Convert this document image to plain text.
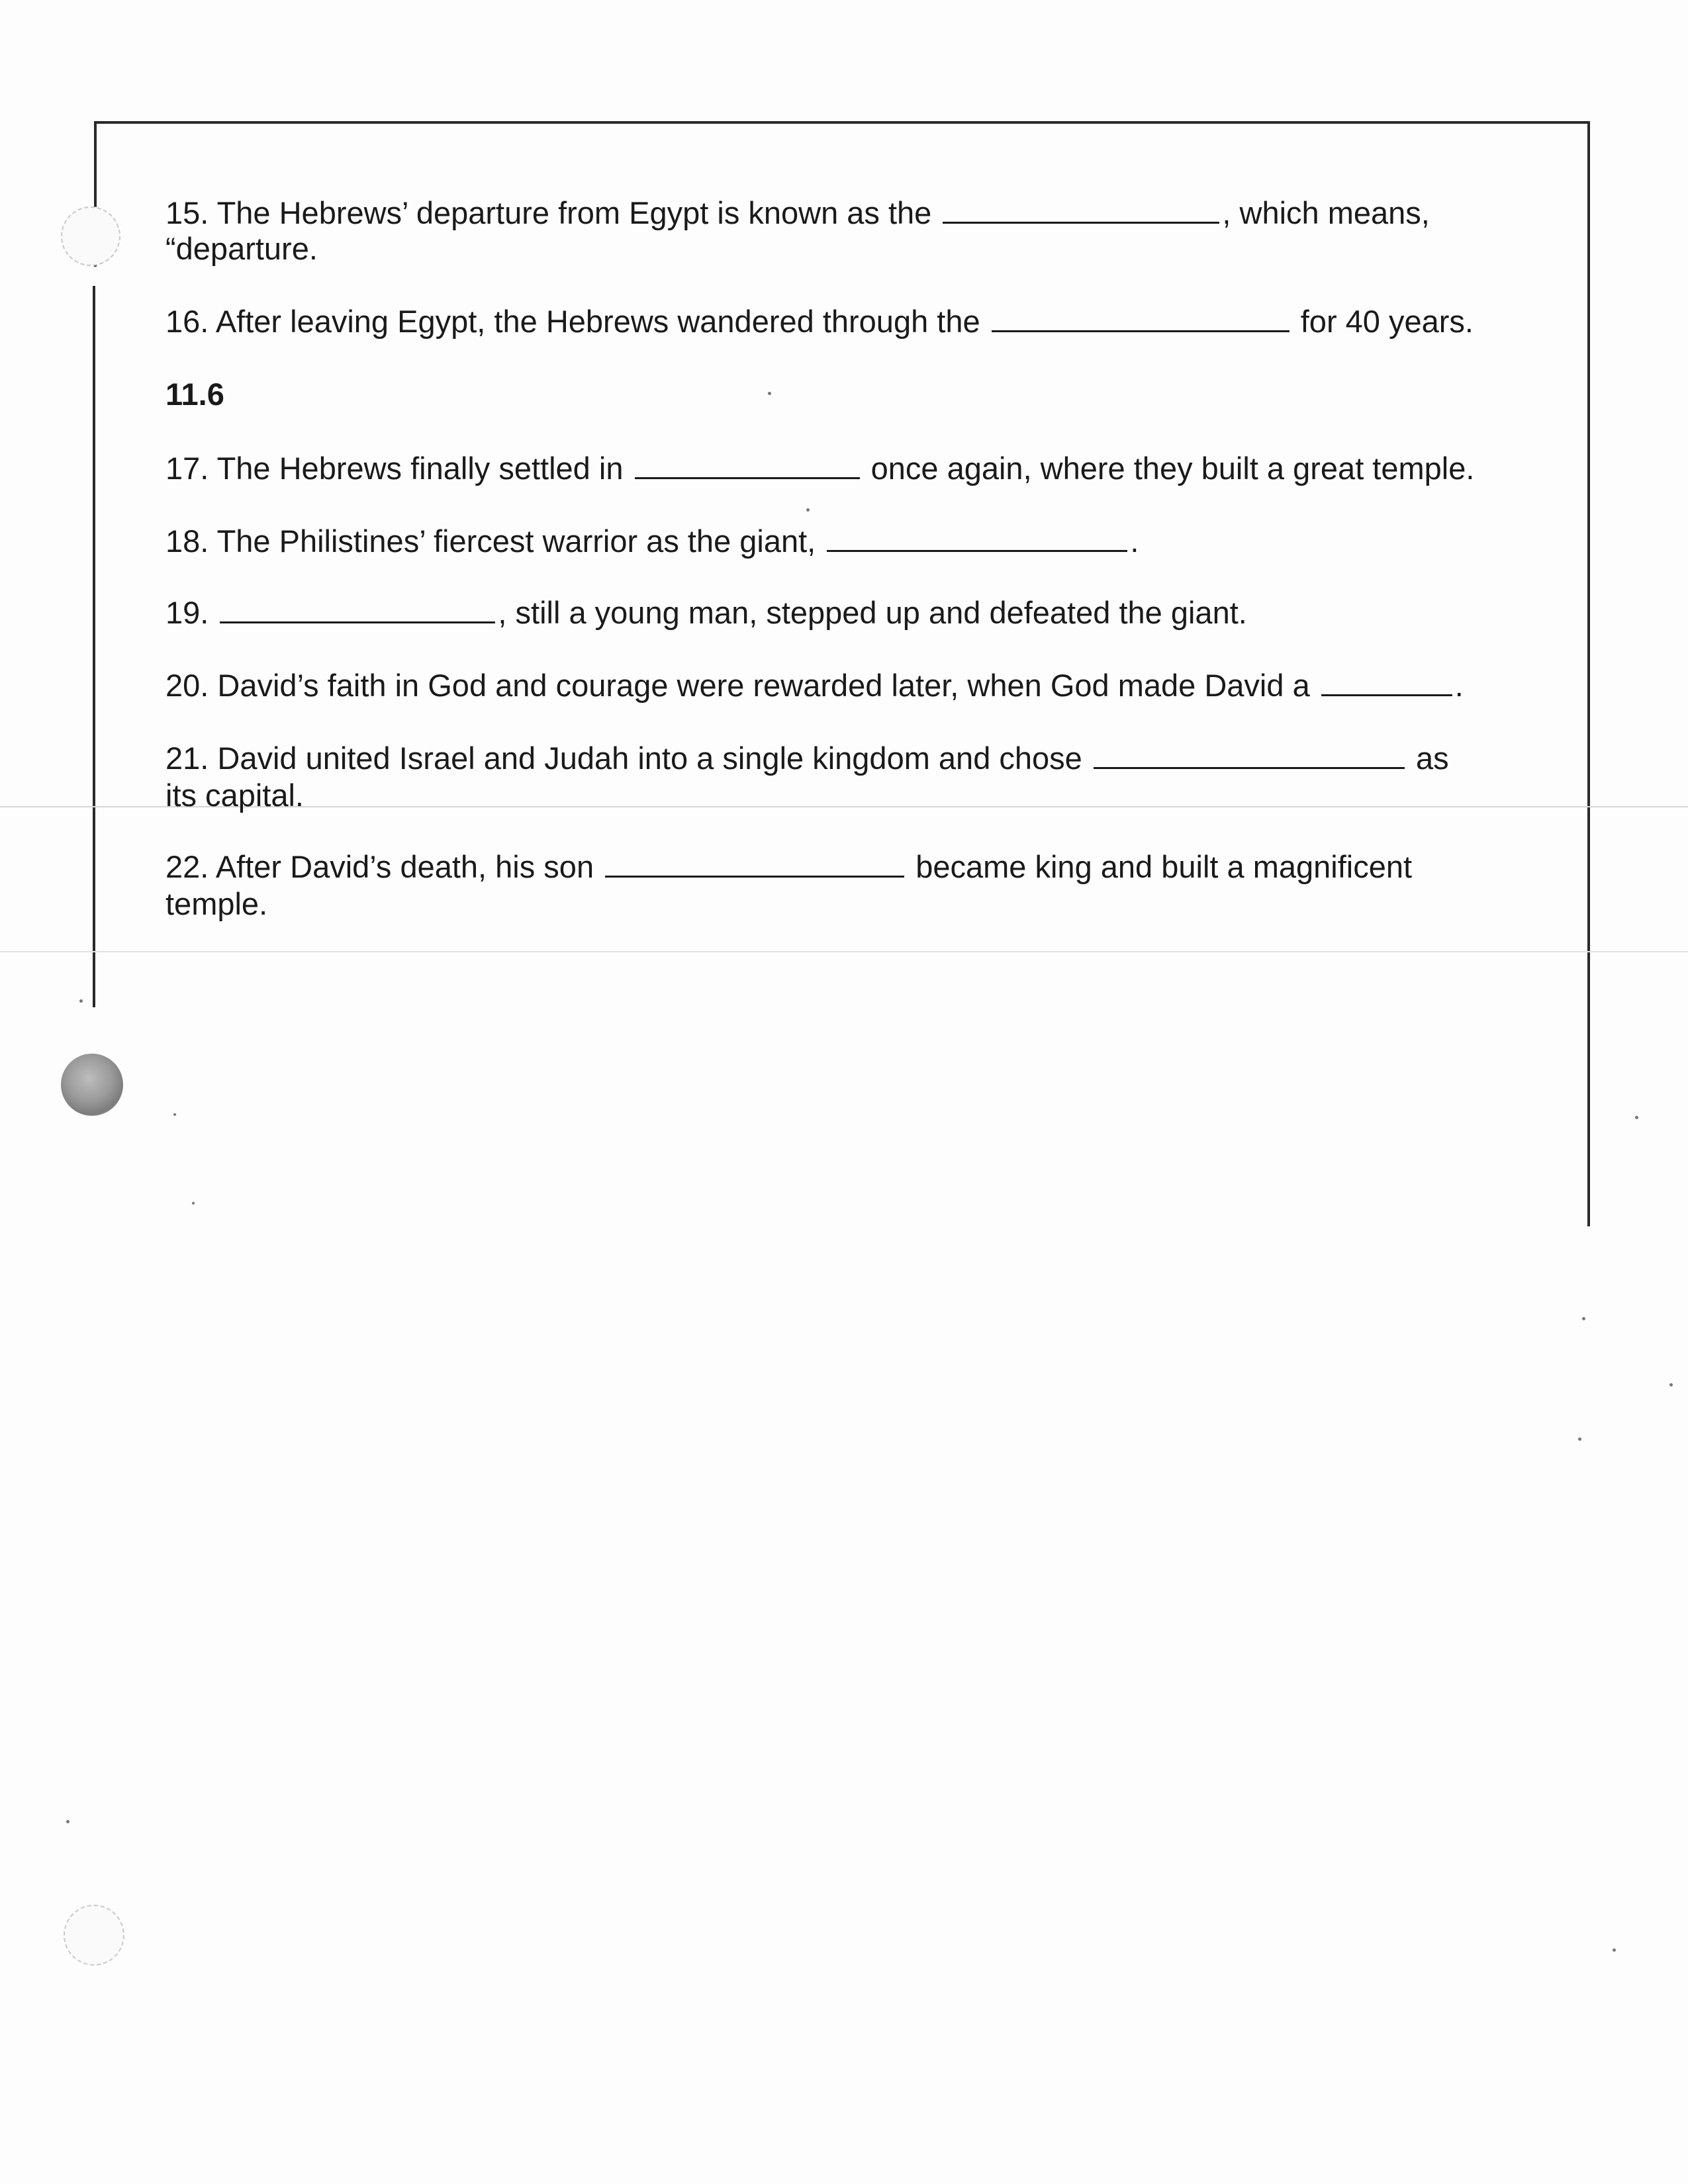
15. The Hebrews’ departure from Egypt is known as the	, which means,
“departure.
16. After leaving Egypt, the Hebrews wandered through the	for 40 years.
11.6
17. The Hebrews finally settled in	once again, where they built a great temple.
18. The Philistines’ fiercest warrior as the giant,	.
19.	, still a young man, stepped up and defeated the giant.
20. David’s faith in God and courage were rewarded later, when God made David a	.
21. David united Israel and Judah into a single kingdom and chose	as
its capital.
22. After David’s death, his son	became king and built a magnificent
temple.
